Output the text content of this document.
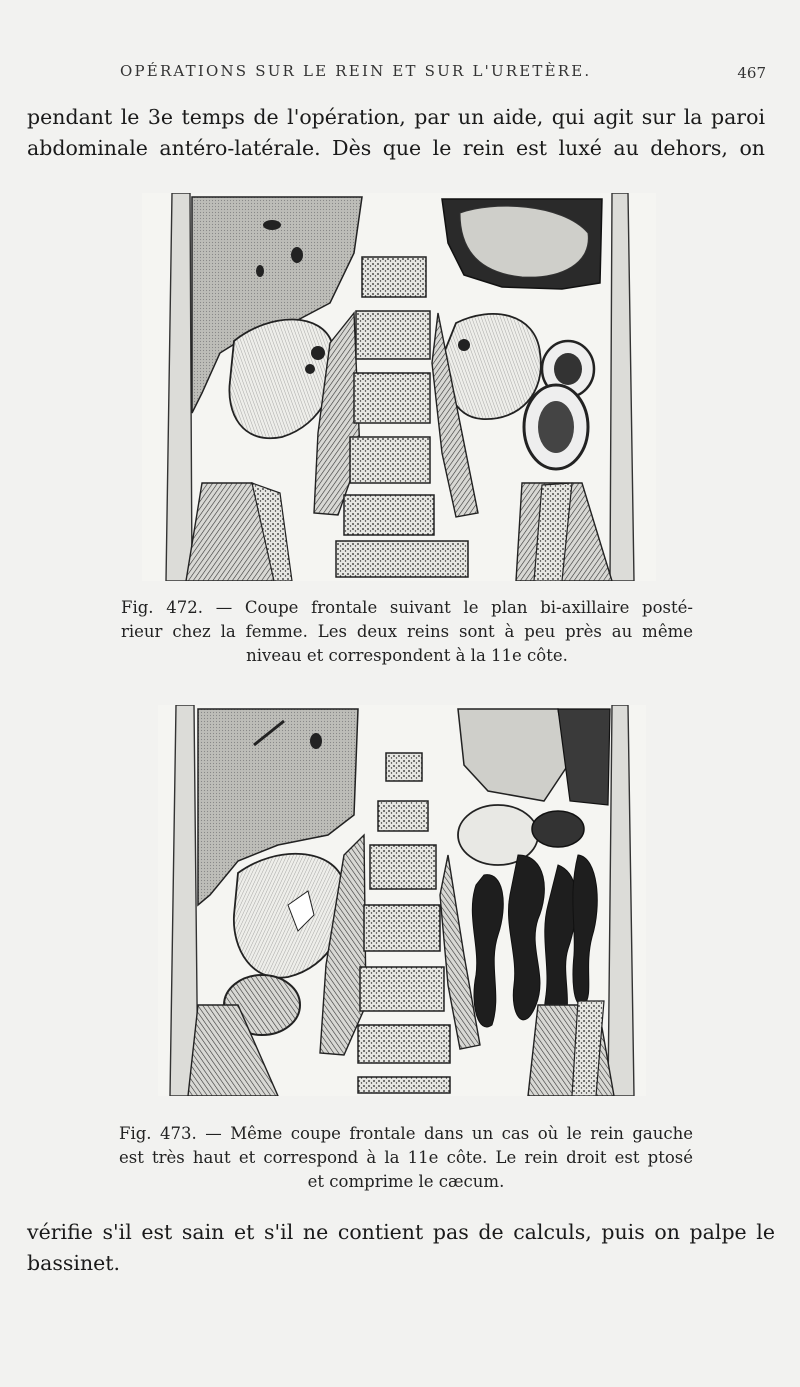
OPÉRATIONS SUR LE REIN ET SUR L'URETÈRE.	467
pendant le 3e temps de l'opération, par un aide, qui agit sur la paroi
abdominale antéro-latérale. Dès que le rein est luxé au dehors, on
Fig. 472. — Coupe frontale suivant le plan bi-axillaire posté-
rieur chez la femme. Les deux reins sont à peu près au même
niveau et correspondent à la 11e côte.
Fig. 473. — Même coupe frontale dans un cas où le rein gauche
est très haut et correspond à la 11e côte. Le rein droit est ptosé
et comprime le cæcum.
vérifie s'il est sain et s'il ne contient pas de calculs, puis on palpe le
bassinet.
